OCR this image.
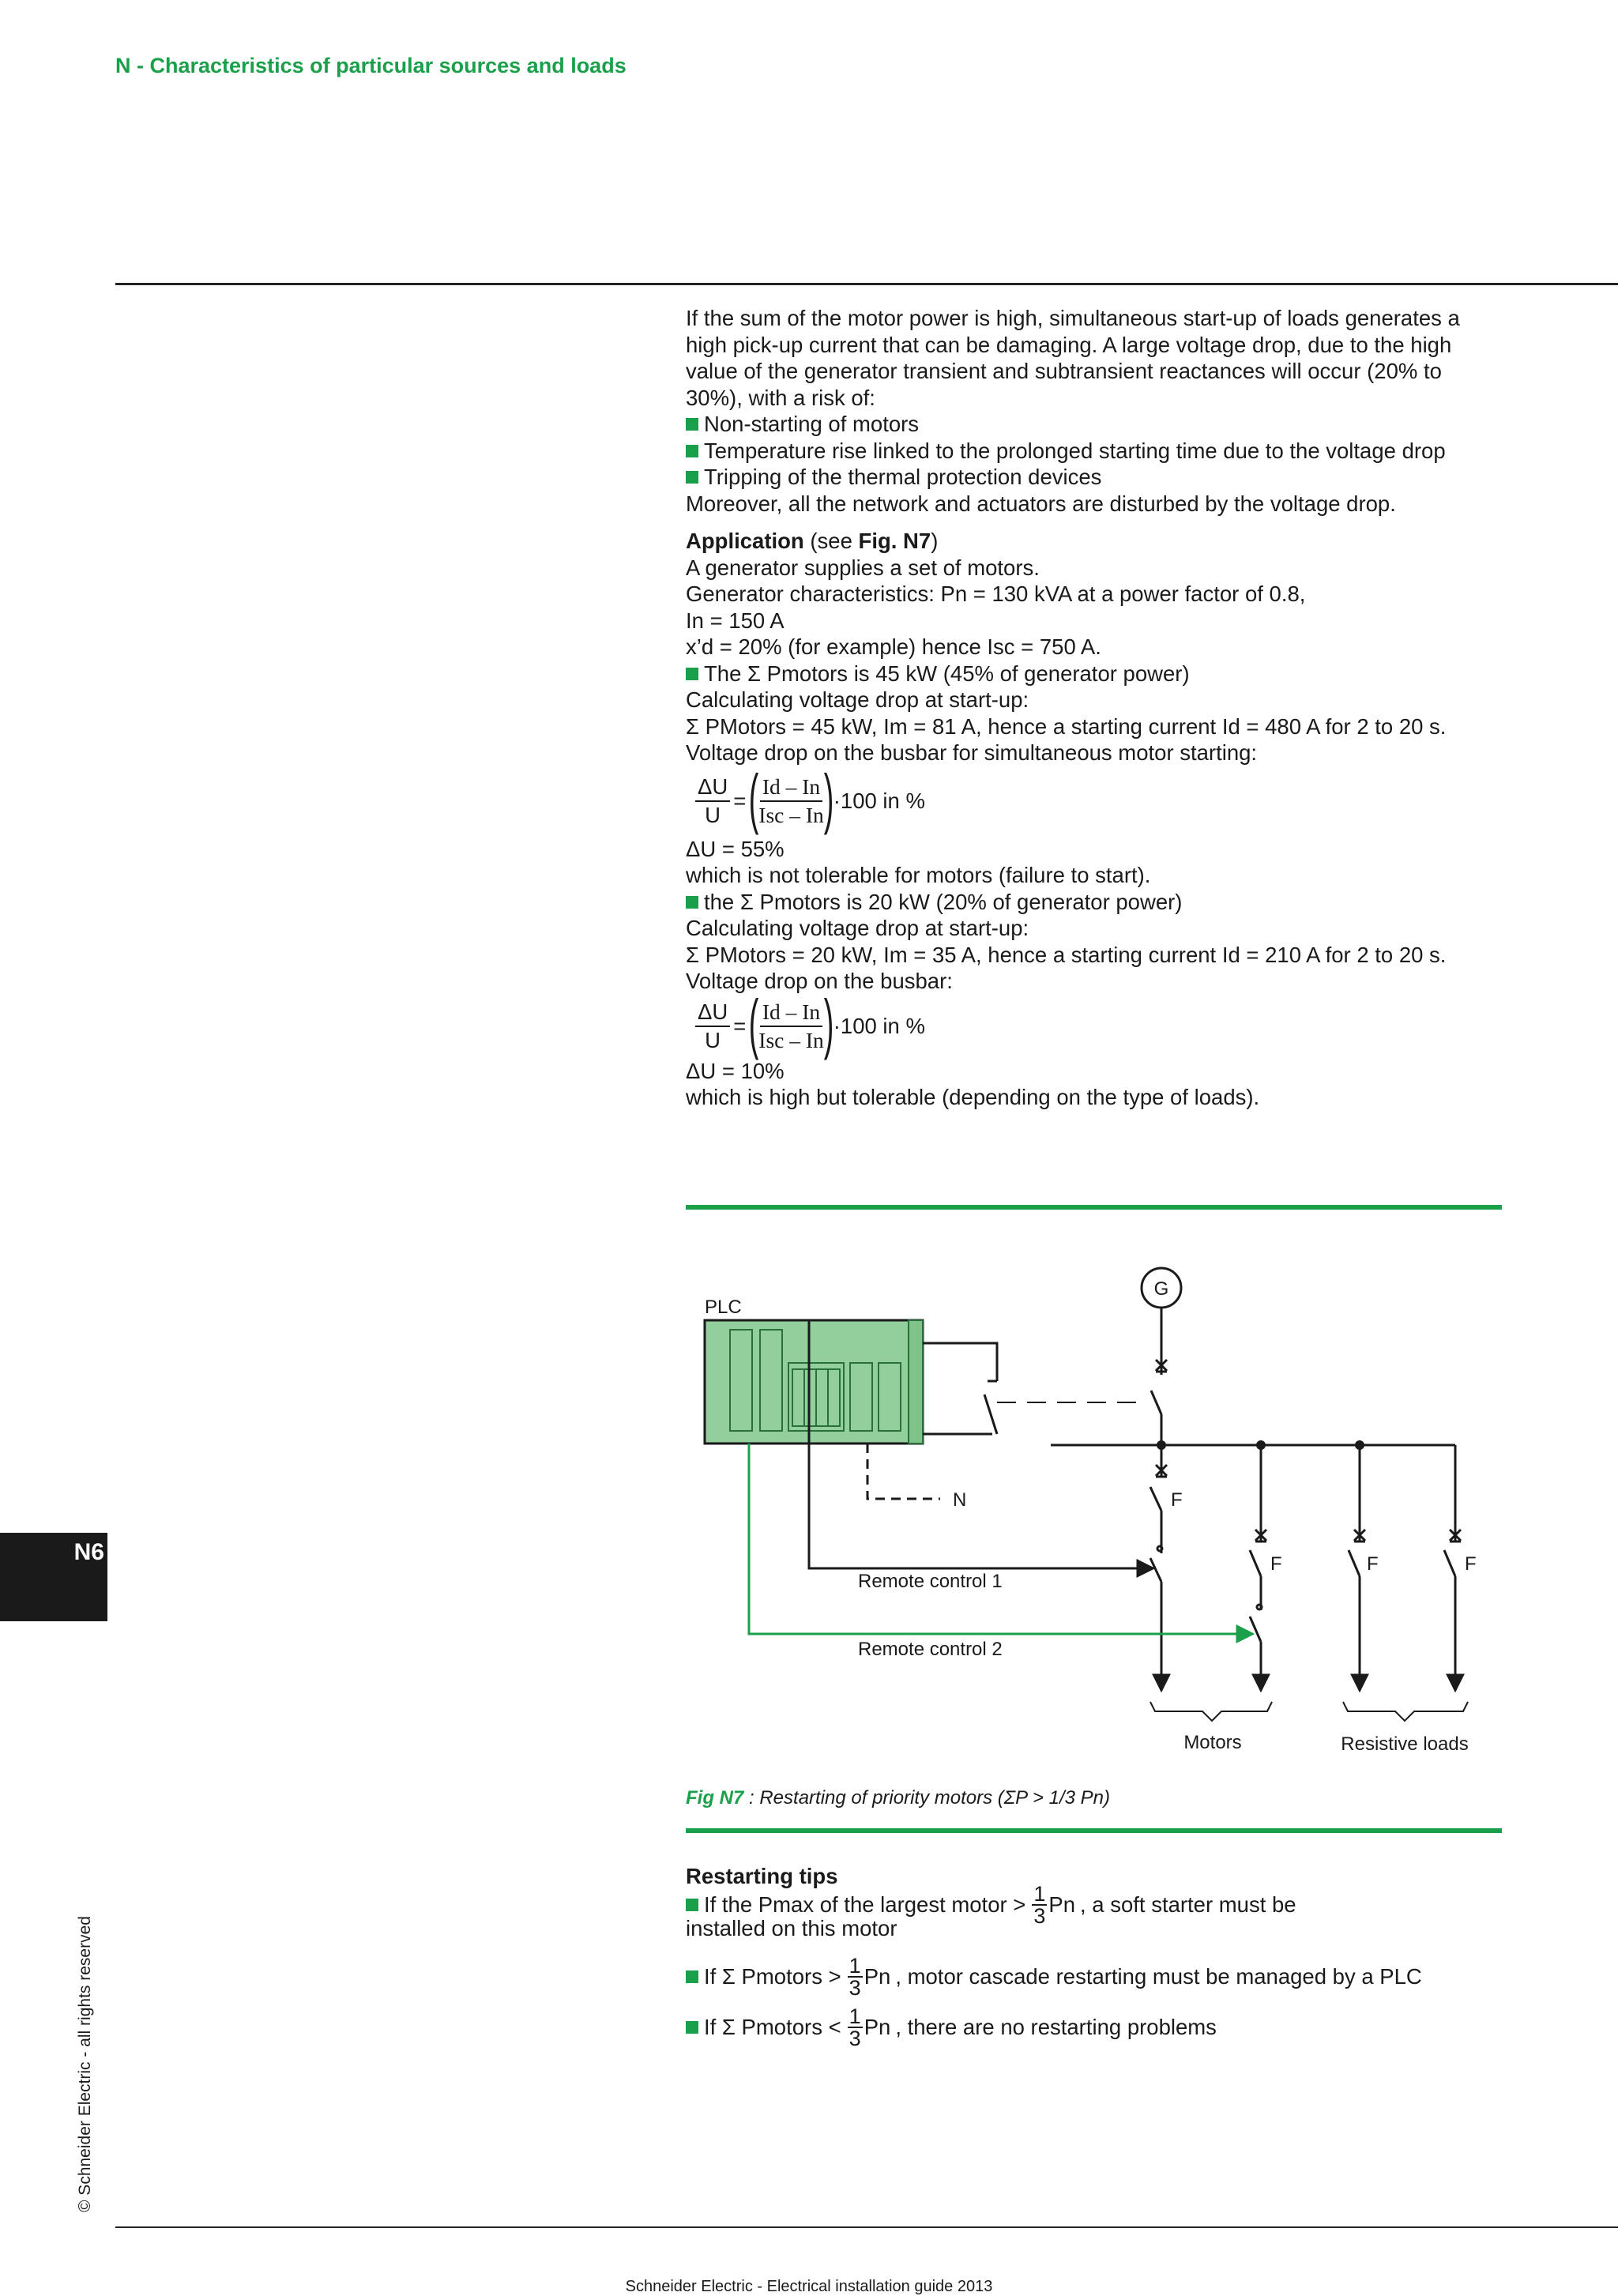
N - Characteristics of particular sources and loads

If the sum of the motor power is high, simultaneous start-up of loads generates a high pick-up current that can be damaging. A large voltage drop, due to the high value of the generator transient and subtransient reactances will occur (20% to 30%), with a risk of:

Non-starting of motors

Temperature rise linked to the prolonged starting time due to the voltage drop

Tripping of the thermal protection devices

Moreover, all the network and actuators are disturbed by the voltage drop.

Application (see Fig. N7)

A generator supplies a set of motors.

Generator characteristics: Pn = 130 kVA at a power factor of 0.8,

In = 150 A

x’d = 20% (for example) hence Isc = 750 A.

The Σ Pmotors is 45 kW (45% of generator power)

Calculating voltage drop at start-up:

Σ PMotors = 45 kW, Im = 81 A, hence a starting current Id = 480 A for 2 to 20 s.

Voltage drop on the busbar for simultaneous motor starting:

$\frac{\Delta U}{U}$ = ( $\frac{Id - In}{\text{Isc – In}}$ ) ·100 in %

ΔU = 55%

which is not tolerable for motors (failure to start).

the Σ Pmotors is 20 kW (20% of generator power)

Calculating voltage drop at start-up:

Σ PMotors = 20 kW, Im = 35 A, hence a starting current Id = 210 A for 2 to 20 s.

Voltage drop on the busbar:

$\frac{\Delta U}{U}$ = ( $\frac{Id - In}{\text{Isc – In}}$ ) ·100 in %

ΔU = 10%

which is high but tolerable (depending on the type of loads).

PLC
N
G
F
F	F	F
Remote control 1
Remote control 2
Motors	Resistive loads
Fig N7 : Restarting of priority motors (ΣP > 1/3 Pn)

Restarting tips

If the Pmax of the largest motor > 1
3 Pn , a soft starter must be

installed on this motor

If Σ Pmotors > 1
3 Pn , motor cascade restarting must be managed by a PLC
If Σ Pmotors < 1
3 Pn , there are no restarting problems
N6
© Schneider Electric - all rights reserved
Schneider Electric - Electrical installation guide 2013
